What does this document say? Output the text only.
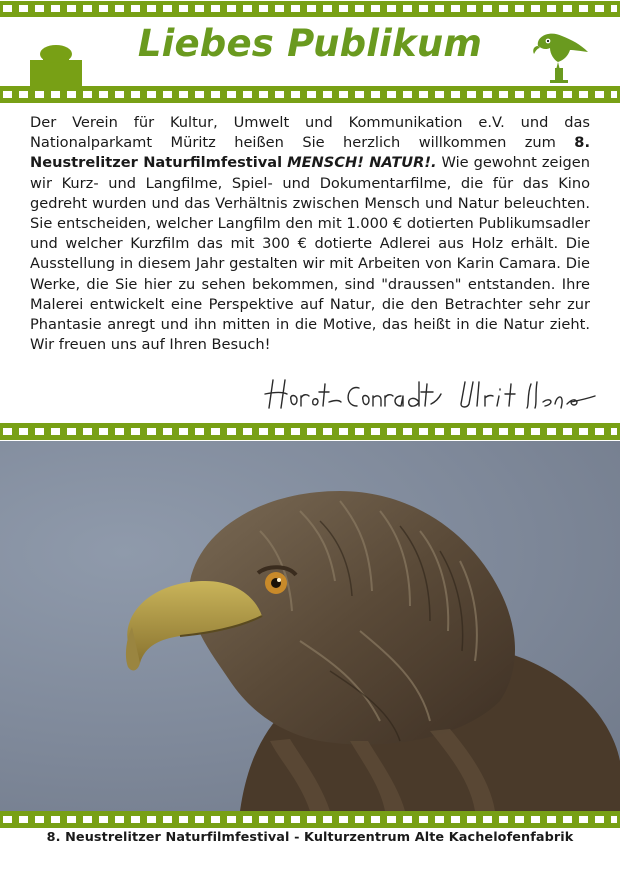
Liebes Publikum
Der Verein für Kultur, Umwelt und Kommunikation e.V. und das Nationalparkamt Müritz heißen Sie herzlich willkommen zum 8. Neustrelitzer Naturfilmfestival MENSCH! NATUR!. Wie gewohnt zeigen wir Kurz- und Langfilme, Spiel- und Dokumentarfilme, die für das Kino gedreht wurden und das Verhältnis zwischen Mensch und Natur beleuchten. Sie entscheiden, welcher Langfilm den mit 1.000 € dotierten Publikumsadler und welcher Kurzfilm das mit 300 € dotierte Adlerei aus Holz erhält. Die Ausstellung in diesem Jahr gestalten wir mit Arbeiten von Karin Camara. Die Werke, die Sie hier zu sehen bekommen, sind "draussen" entstanden. Ihre Malerei entwickelt eine Perspektive auf Natur, die den Betrachter sehr zur Phantasie anregt und ihn mitten in die Motive, das heißt in die Natur zieht. Wir freuen uns auf Ihren Besuch!
8. Neustrelitzer Naturfilmfestival - Kulturzentrum Alte Kachelofenfabrik
